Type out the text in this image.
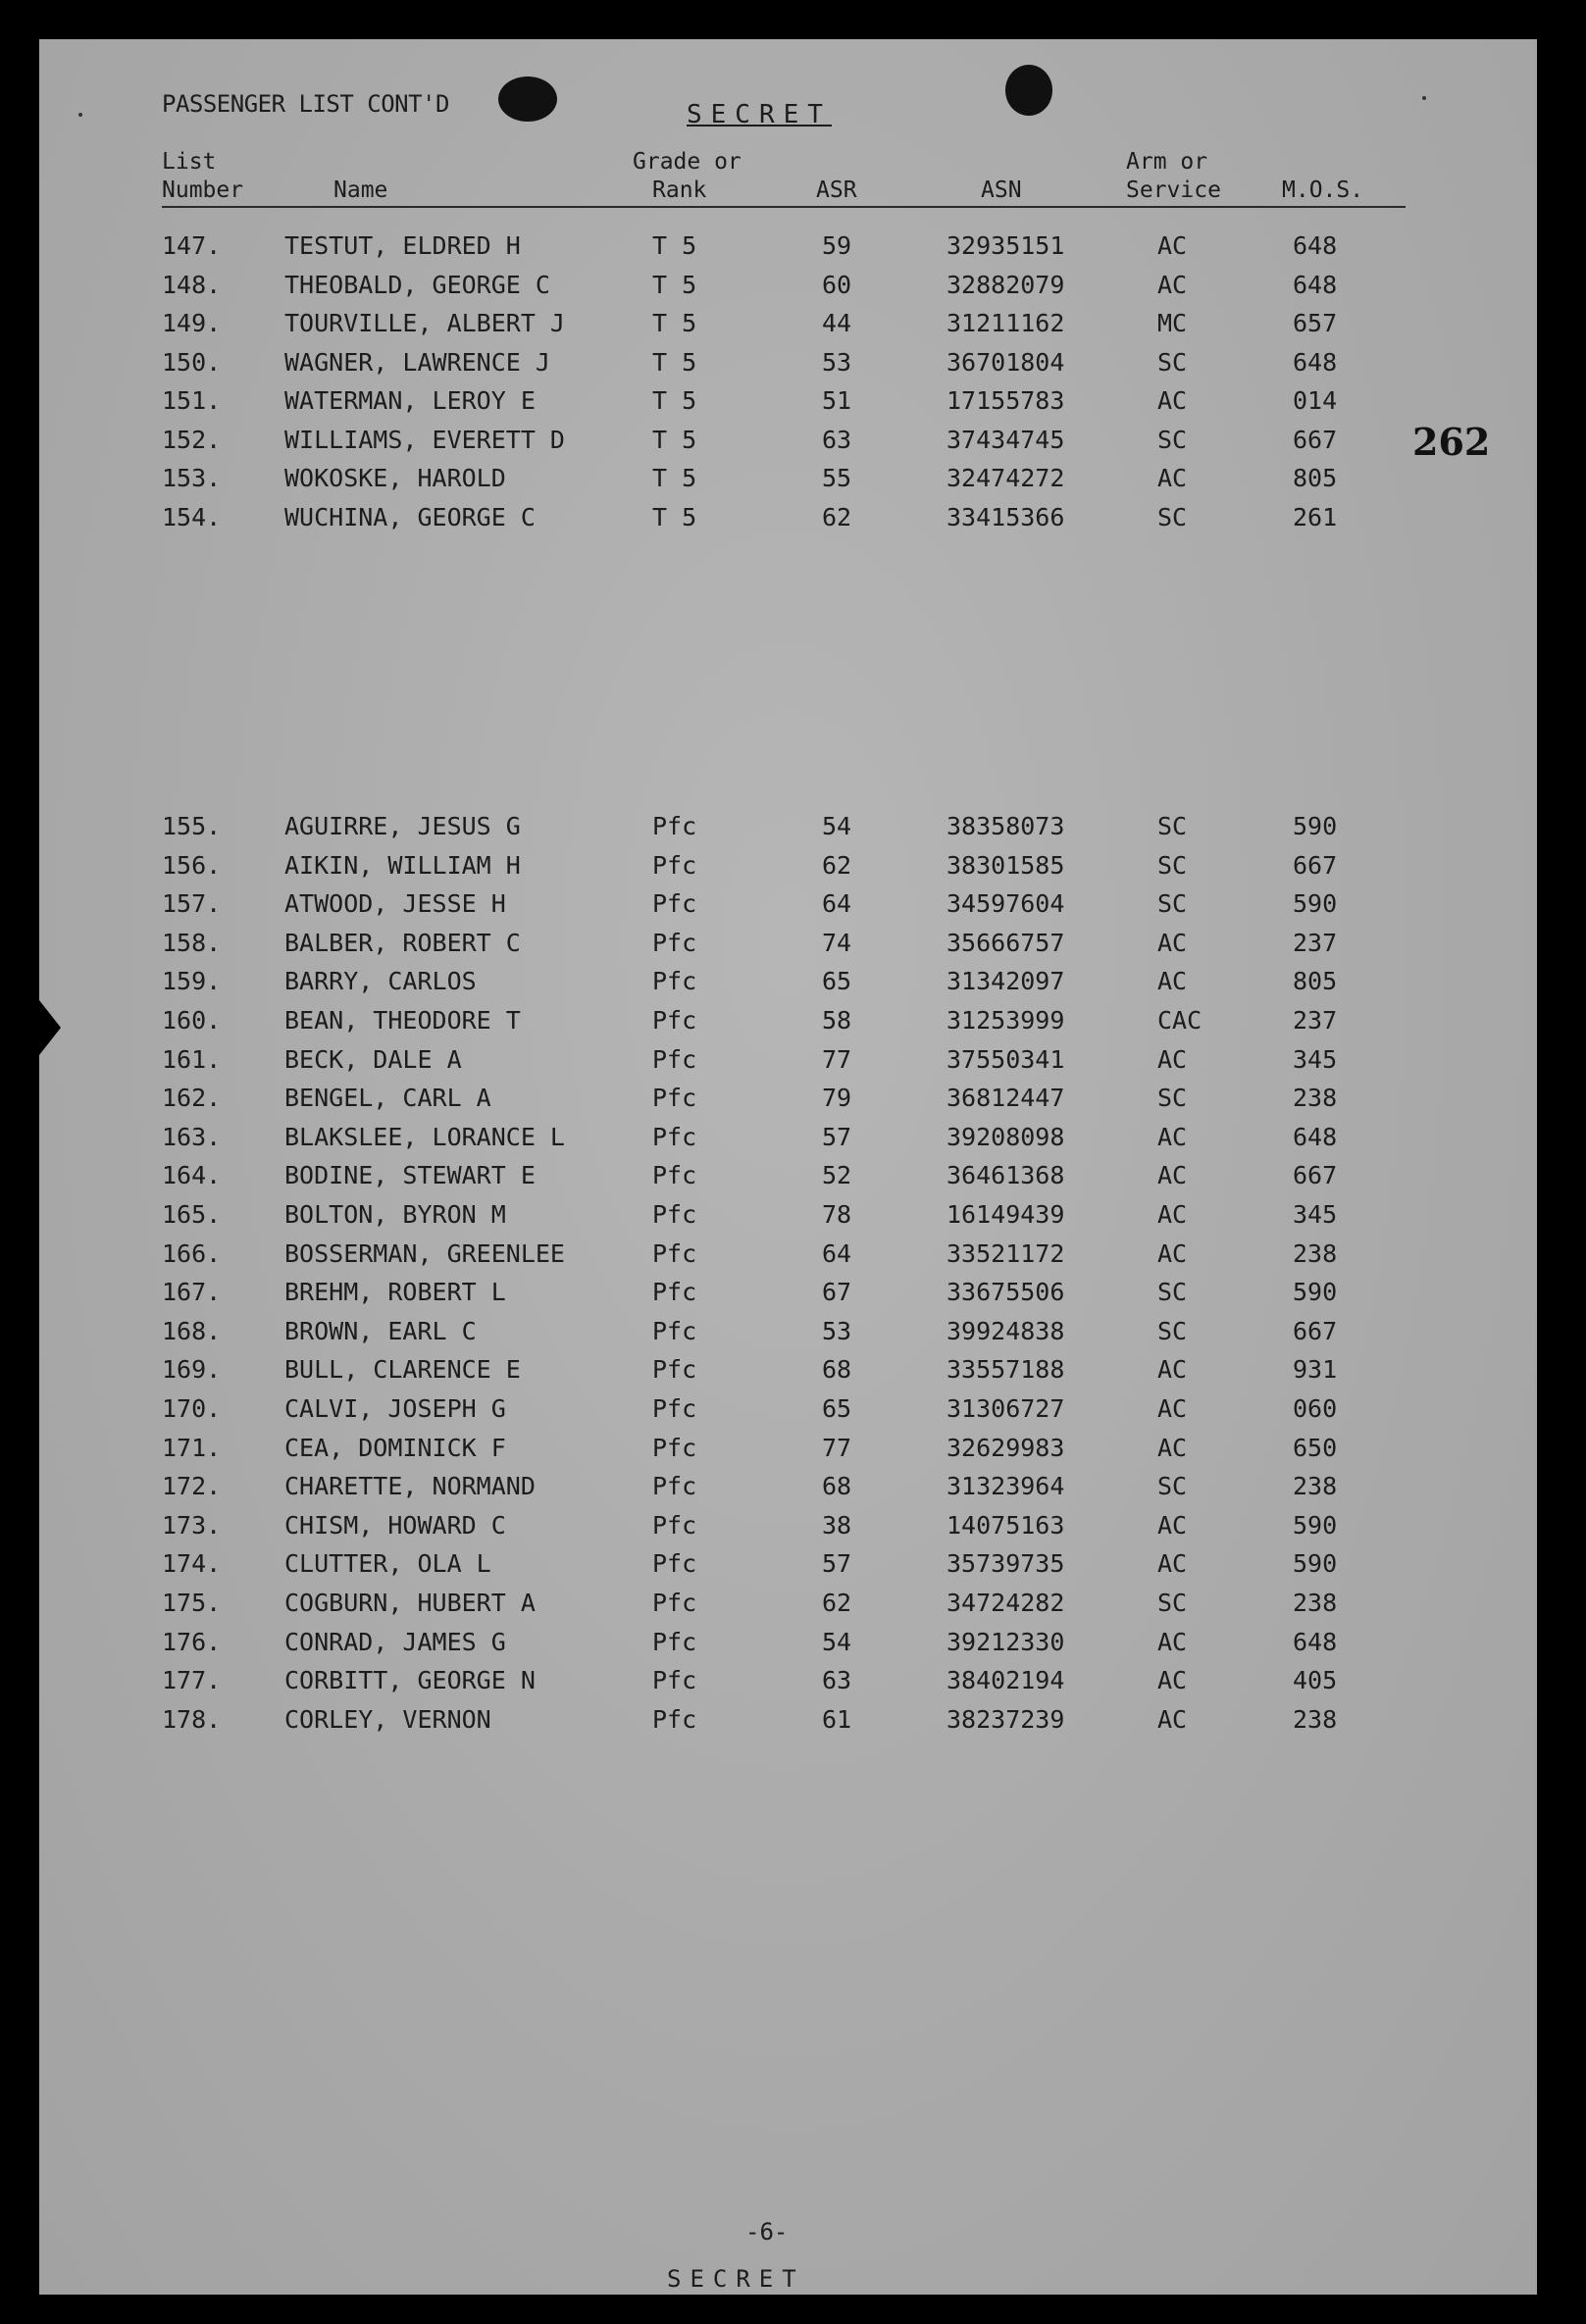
PASSENGER LIST CONT'D	SECRET
262
List
Number	Name
Grade or
Rank	ASR	ASN
Arm or
Service	M.O.S.
147.	TESTUT, ELDRED H	T 5	59	32935151	AC	648
148.	THEOBALD, GEORGE C	T 5	60	32882079	AC	648
149.	TOURVILLE, ALBERT J	T 5	44	31211162	MC	657
150.	WAGNER, LAWRENCE J	T 5	53	36701804	SC	648
151.	WATERMAN, LEROY E	T 5	51	17155783	AC	014
152.	WILLIAMS, EVERETT D	T 5	63	37434745	SC	667
153.	WOKOSKE, HAROLD	T 5	55	32474272	AC	805
154.	WUCHINA, GEORGE C	T 5	62	33415366	SC	261
155.	AGUIRRE, JESUS G	Pfc	54	38358073	SC	590
156.	AIKIN, WILLIAM H	Pfc	62	38301585	SC	667
157.	ATWOOD, JESSE H	Pfc	64	34597604	SC	590
158.	BALBER, ROBERT C	Pfc	74	35666757	AC	237
159.	BARRY, CARLOS	Pfc	65	31342097	AC	805
160.	BEAN, THEODORE T	Pfc	58	31253999	CAC	237
161.	BECK, DALE A	Pfc	77	37550341	AC	345
162.	BENGEL, CARL A	Pfc	79	36812447	SC	238
163.	BLAKSLEE, LORANCE L	Pfc	57	39208098	AC	648
164.	BODINE, STEWART E	Pfc	52	36461368	AC	667
165.	BOLTON, BYRON M	Pfc	78	16149439	AC	345
166.	BOSSERMAN, GREENLEE	Pfc	64	33521172	AC	238
167.	BREHM, ROBERT L	Pfc	67	33675506	SC	590
168.	BROWN, EARL C	Pfc	53	39924838	SC	667
169.	BULL, CLARENCE E	Pfc	68	33557188	AC	931
170.	CALVI, JOSEPH G	Pfc	65	31306727	AC	060
171.	CEA, DOMINICK F	Pfc	77	32629983	AC	650
172.	CHARETTE, NORMAND	Pfc	68	31323964	SC	238
173.	CHISM, HOWARD C	Pfc	38	14075163	AC	590
174.	CLUTTER, OLA L	Pfc	57	35739735	AC	590
175.	COGBURN, HUBERT A	Pfc	62	34724282	SC	238
176.	CONRAD, JAMES G	Pfc	54	39212330	AC	648
177.	CORBITT, GEORGE N	Pfc	63	38402194	AC	405
178.	CORLEY, VERNON	Pfc	61	38237239	AC	238
-6-
SECRET
